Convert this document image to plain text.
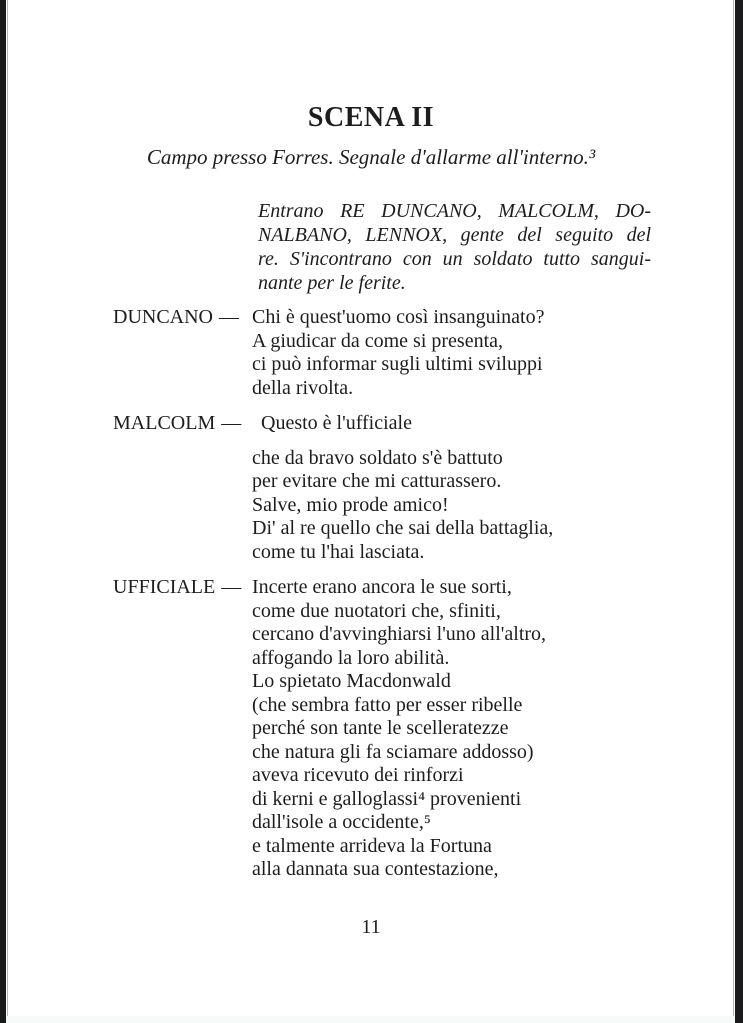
SCENA II
Campo presso Forres. Segnale d'allarme all'interno.³
Entrano RE DUNCANO, MALCOLM, DO-
NALBANO, LENNOX, gente del seguito del
re. S'incontrano con un soldato tutto sangui-
nante per le ferite.
DUNCANO — Chi è quest'uomo così insanguinato?
A giudicar da come si presenta,
ci può informar sugli ultimi sviluppi
della rivolta.
MALCOLM — Questo è l'ufficiale
che da bravo soldato s'è battuto
per evitare che mi catturassero.
Salve, mio prode amico!
Di' al re quello che sai della battaglia,
come tu l'hai lasciata.
UFFICIALE — Incerte erano ancora le sue sorti,
come due nuotatori che, sfiniti,
cercano d'avvinghiarsi l'uno all'altro,
affogando la loro abilità.
Lo spietato Macdonwald
(che sembra fatto per esser ribelle
perché son tante le scelleratezze
che natura gli fa sciamare addosso)
aveva ricevuto dei rinforzi
di kerni e galloglassi⁴ provenienti
dall'isole a occidente,⁵
e talmente arrideva la Fortuna
alla dannata sua contestazione,
11
